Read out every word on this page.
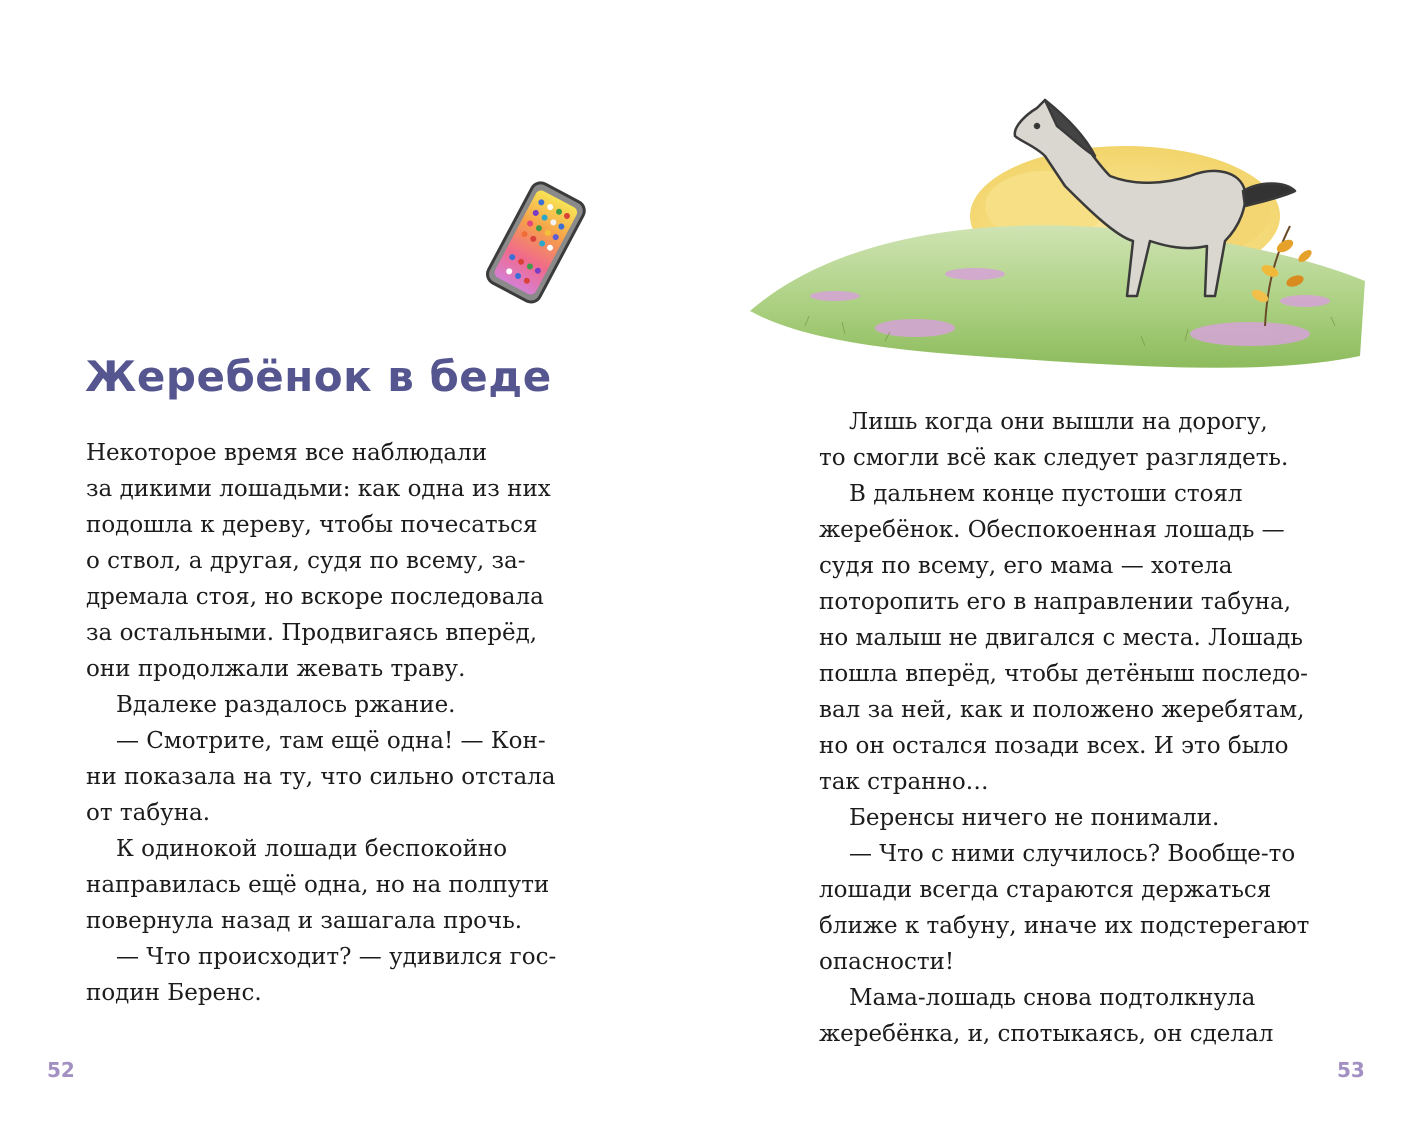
Жеребёнок в беде
Некоторое время все наблюдали
за дикими лошадьми: как одна из них
подошла к дереву, чтобы почесаться
о ствол, а другая, судя по всему, за-
дремала стоя, но вскоре последовала
за остальными. Продвигаясь вперёд,
они продолжали жевать траву.
Вдалеке раздалось ржание.
— Смотрите, там ещё одна! — Кон-
ни показала на ту, что сильно отстала
от табуна.
К одинокой лошади беспокойно
направилась ещё одна, но на полпути
повернула назад и зашагала прочь.
— Что происходит? — удивился гос-
подин Беренс.
52
Лишь когда они вышли на дорогу,
то смогли всё как следует разглядеть.
В дальнем конце пустоши стоял
жеребёнок. Обеспокоенная лошадь —
судя по всему, его мама — хотела
поторопить его в направлении табуна,
но малыш не двигался с места. Лошадь
пошла вперёд, чтобы детёныш последо-
вал за ней, как и положено жеребятам,
но он остался позади всех. И это было
так странно…
Беренсы ничего не понимали.
— Что с ними случилось? Вообще-то
лошади всегда стараются держаться
ближе к табуну, иначе их подстерегают
опасности!
Мама-лошадь снова подтолкнула
жеребёнка, и, спотыкаясь, он сделал
53
